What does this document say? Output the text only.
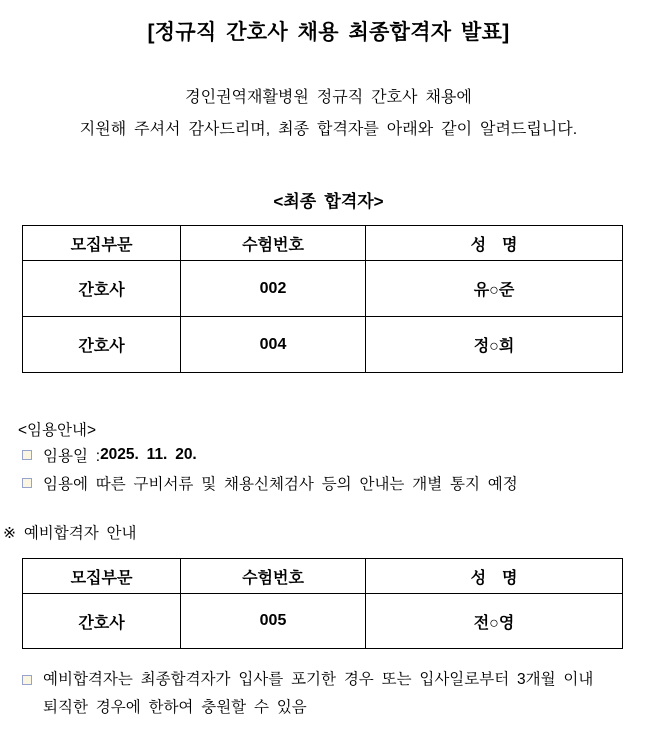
[정규직 간호사 채용 최종합격자 발표]
경인권역재활병원 정규직 간호사 채용에
지원해 주셔서 감사드리며, 최종 합격자를 아래와 같이 알려드립니다.
<최종 합격자>
모집부문	수험번호	성  명
간호사	002	유○준
간호사	004	정○희
<임용안내>
임용일 : 2025. 11. 20.
임용에 따른 구비서류 및 채용신체검사 등의 안내는 개별 통지 예정
※ 예비합격자 안내
모집부문	수험번호	성  명
간호사	005	전○영
예비합격자는 최종합격자가 입사를 포기한 경우 또는 입사일로부터 3개월 이내
퇴직한 경우에 한하여 충원할 수 있음
